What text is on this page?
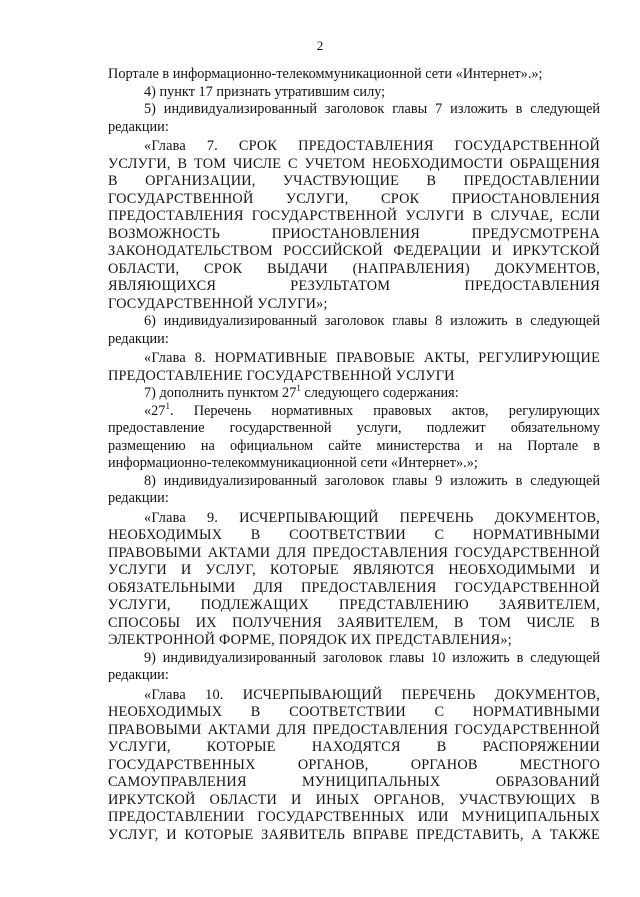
2

Портале в информационно-телекоммуникационной сети «Интернет».»;

4) пункт 17 признать утратившим силу;

5) индивидуализированный заголовок главы 7 изложить в следующей

редакции:

«Глава 7. СРОК ПРЕДОСТАВЛЕНИЯ ГОСУДАРСТВЕННОЙ

УСЛУГИ, В ТОМ ЧИСЛЕ С УЧЕТОМ НЕОБХОДИМОСТИ ОБРАЩЕНИЯ

В ОРГАНИЗАЦИИ, УЧАСТВУЮЩИЕ В ПРЕДОСТАВЛЕНИИ

ГОСУДАРСТВЕННОЙ УСЛУГИ, СРОК ПРИОСТАНОВЛЕНИЯ

ПРЕДОСТАВЛЕНИЯ ГОСУДАРСТВЕННОЙ УСЛУГИ В СЛУЧАЕ, ЕСЛИ

ВОЗМОЖНОСТЬ ПРИОСТАНОВЛЕНИЯ ПРЕДУСМОТРЕНА

ЗАКОНОДАТЕЛЬСТВОМ РОССИЙСКОЙ ФЕДЕРАЦИИ И ИРКУТСКОЙ

ОБЛАСТИ, СРОК ВЫДАЧИ (НАПРАВЛЕНИЯ) ДОКУМЕНТОВ,

ЯВЛЯЮЩИХСЯ РЕЗУЛЬТАТОМ ПРЕДОСТАВЛЕНИЯ

ГОСУДАРСТВЕННОЙ УСЛУГИ»;

6) индивидуализированный заголовок главы 8 изложить в следующей

редакции:

«Глава 8. НОРМАТИВНЫЕ ПРАВОВЫЕ АКТЫ, РЕГУЛИРУЮЩИЕ

ПРЕДОСТАВЛЕНИЕ ГОСУДАРСТВЕННОЙ УСЛУГИ

7) дополнить пунктом $27^1$ следующего содержания:

«$27^1$. Перечень нормативных правовых актов, регулирующих

предоставление государственной услуги, подлежит обязательному

размещению на официальном сайте министерства и на Портале в

информационно-телекоммуникационной сети «Интернет».»;

8) индивидуализированный заголовок главы 9 изложить в следующей

редакции:

«Глава 9. ИСЧЕРПЫВАЮЩИЙ ПЕРЕЧЕНЬ ДОКУМЕНТОВ,

НЕОБХОДИМЫХ В СООТВЕТСТВИИ С НОРМАТИВНЫМИ

ПРАВОВЫМИ АКТАМИ ДЛЯ ПРЕДОСТАВЛЕНИЯ ГОСУДАРСТВЕННОЙ

УСЛУГИ И УСЛУГ, КОТОРЫЕ ЯВЛЯЮТСЯ НЕОБХОДИМЫМИ И

ОБЯЗАТЕЛЬНЫМИ ДЛЯ ПРЕДОСТАВЛЕНИЯ ГОСУДАРСТВЕННОЙ

УСЛУГИ, ПОДЛЕЖАЩИХ ПРЕДСТАВЛЕНИЮ ЗАЯВИТЕЛЕМ,

СПОСОБЫ ИХ ПОЛУЧЕНИЯ ЗАЯВИТЕЛЕМ, В ТОМ ЧИСЛЕ В

ЭЛЕКТРОННОЙ ФОРМЕ, ПОРЯДОК ИХ ПРЕДСТАВЛЕНИЯ»;

9) индивидуализированный заголовок главы 10 изложить в следующей

редакции:

«Глава 10. ИСЧЕРПЫВАЮЩИЙ ПЕРЕЧЕНЬ ДОКУМЕНТОВ,

НЕОБХОДИМЫХ В СООТВЕТСТВИИ С НОРМАТИВНЫМИ

ПРАВОВЫМИ АКТАМИ ДЛЯ ПРЕДОСТАВЛЕНИЯ ГОСУДАРСТВЕННОЙ

УСЛУГИ, КОТОРЫЕ НАХОДЯТСЯ В РАСПОРЯЖЕНИИ

ГОСУДАРСТВЕННЫХ ОРГАНОВ, ОРГАНОВ МЕСТНОГО

САМОУПРАВЛЕНИЯ МУНИЦИПАЛЬНЫХ ОБРАЗОВАНИЙ

ИРКУТСКОЙ ОБЛАСТИ И ИНЫХ ОРГАНОВ, УЧАСТВУЮЩИХ В

ПРЕДОСТАВЛЕНИИ ГОСУДАРСТВЕННЫХ ИЛИ МУНИЦИПАЛЬНЫХ

УСЛУГ, И КОТОРЫЕ ЗАЯВИТЕЛЬ ВПРАВЕ ПРЕДСТАВИТЬ, А ТАКЖЕ
